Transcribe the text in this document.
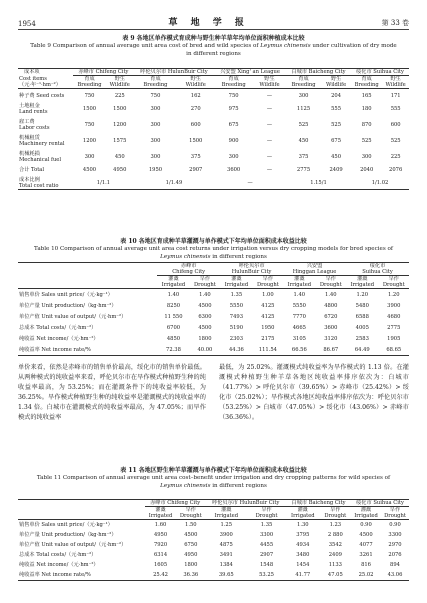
1954	草 地 学 报	第 33 卷
表 9 各地区单作模式育成种与野生种羊草年均单位面积种植成本比较
Table 9 Comparison of annual average unit area cost of bred and wild species of Leymus chinensis under cultivation of dry mode
in different regions
成本项	赤峰市 Chifeng City		呼伦贝尔市 HulunBuir City		兴安盟 Xing' an League		白城市 Baicheng City		绥化市 Suihua City	
Cost items	育成	野生	育成	野生	育成	野生	育成	野生	育成	野生
（元·年⁻¹·hm⁻²）	Breeding	Wildlife	Breeding	Wildlife	Breeding	Wildlife	Breeding	Wildlife	Breeding	Wildlife
种子费 Seed costs	750	225	750	162	750	—	300	204	165	171
土地租金	1500	1500	300	270	975	—	1125	555	180	555
Land rents										
雇工费	750	1200	300	600	675	—	525	525	870	600
Labor costs										
机械租赁	1200	1575	300	1500	900	—	450	675	525	525
Machinery rental										
机械耗损	300	450	300	375	300	—	375	450	300	225
Mechanical fuel										
合计 Total	4500	4950	1950	2907	3600	—	2775	2409	2040	2076
成本比例	1/1.1		1/1.49		—		1.15/1		1/1.02	
Total cost ratio										
表 10 各地区育成种羊草灌溉与单作模式下年均单位面积成本收益比较
Table 10 Comparison of annual average unit area cost returns under irrigation versus dry cropping models for bred species of
Leymus chinensis in different regions
	赤峰市		呼伦贝尔市		兴安盟		绥化市	
	Chifeng City		HulunBuir City		Hinggan League		Suihua City	
	灌溉	旱作	灌溉	旱作	灌溉	旱作	灌溉	旱作
	Irrigated	Drought	Irrigated	Drought	Irrigated	Drought	Irrigated	Drought
销售单价 Sales unit price/（元·kg⁻¹）	1.40	1.40	1.35	1.00	1.40	1.40	1.20	1.20
单位产量 Unit production/（kg·hm⁻²）	8250	4500	5550	4125	5550	4800	5480	3900
单位产值 Unit value of output/（元·hm⁻²）	11 550	6300	7493	4125	7770	6720	6588	4680
总成本 Total costs/（元·hm⁻²）	6700	4500	5190	1950	4665	3600	4005	2775
纯收益 Net income/（元·hm⁻²）	4850	1800	2303	2175	3105	3120	2583	1905
纯收益率 Net income rate/%	72.38	40.00	44.36	111.54	66.56	86.67	64.49	68.65

单价来看，依然是赤峰市的销售单价最高，绥化市的销售单价最低。从两种模式的纯收益率来看，呼伦贝尔市在旱作模式种植野生种的纯收益率最高，为 53.25%；而在灌溉条件下的纯收益率较低，为 36.25%。旱作模式种植野生种的纯收益率是灌溉模式的纯收益率的 1.34 倍。白城市在灌溉模式的纯收益率最高，为 47.05%；而旱作模式的纯收益率

最低，为 25.02%。灌溉模式纯收益率为旱作模式的 1.13 倍。在灌溉模式种植野生种羊草各地区纯收益率排序依次为：白城市（41.77%）> 呼伦贝尔市（39.65%）> 赤峰市（25.42%）> 绥化市（25.02%）；旱作模式各地区纯收益率排序依次为：呼伦贝尔市（53.25%）> 白城市（47.05%）> 绥化市（43.06%）> 赤峰市（36.36%）。

表 11 各地区野生种羊草灌溉与单作模式下年均单位面积成本收益比较
Table 11 Comparison of annual average unit area cost–benefit under irrigation and dry cropping patterns for wild species of
Leymus chinensis in different regions
	赤峰市 Chifeng City		呼伦贝尔市 HulunBuir City		白城市 Baicheng City		绥化市 Suihua City	
	灌溉	旱作	灌溉	旱作	灌溉	旱作	灌溉	旱作
	Irrigated	Drought	Irrigated	Drought	Irrigated	Drought	Irrigated	Drought
销售单价 Sales unit price/（元·kg⁻¹）	1.60	1.50	1.25	1.35	1.30	1.23	0.90	0.90
单位产量 Unit production/（kg·hm⁻²）	4950	4500	3900	3300	3795	2 880	4500	3300
单位产值 Unit value of output/（元·hm⁻²）	7920	6750	4875	4455	4934	3542	4077	2970
总成本 Total costs/（元·hm⁻²）	6314	4950	3491	2907	3480	2409	3261	2076
纯收益 Net income/（元·hm⁻²）	1605	1800	1384	1548	1454	1133	816	894
纯收益率 Net income rate/%	25.42	36.36	39.65	53.25	41.77	47.05	25.02	43.06
